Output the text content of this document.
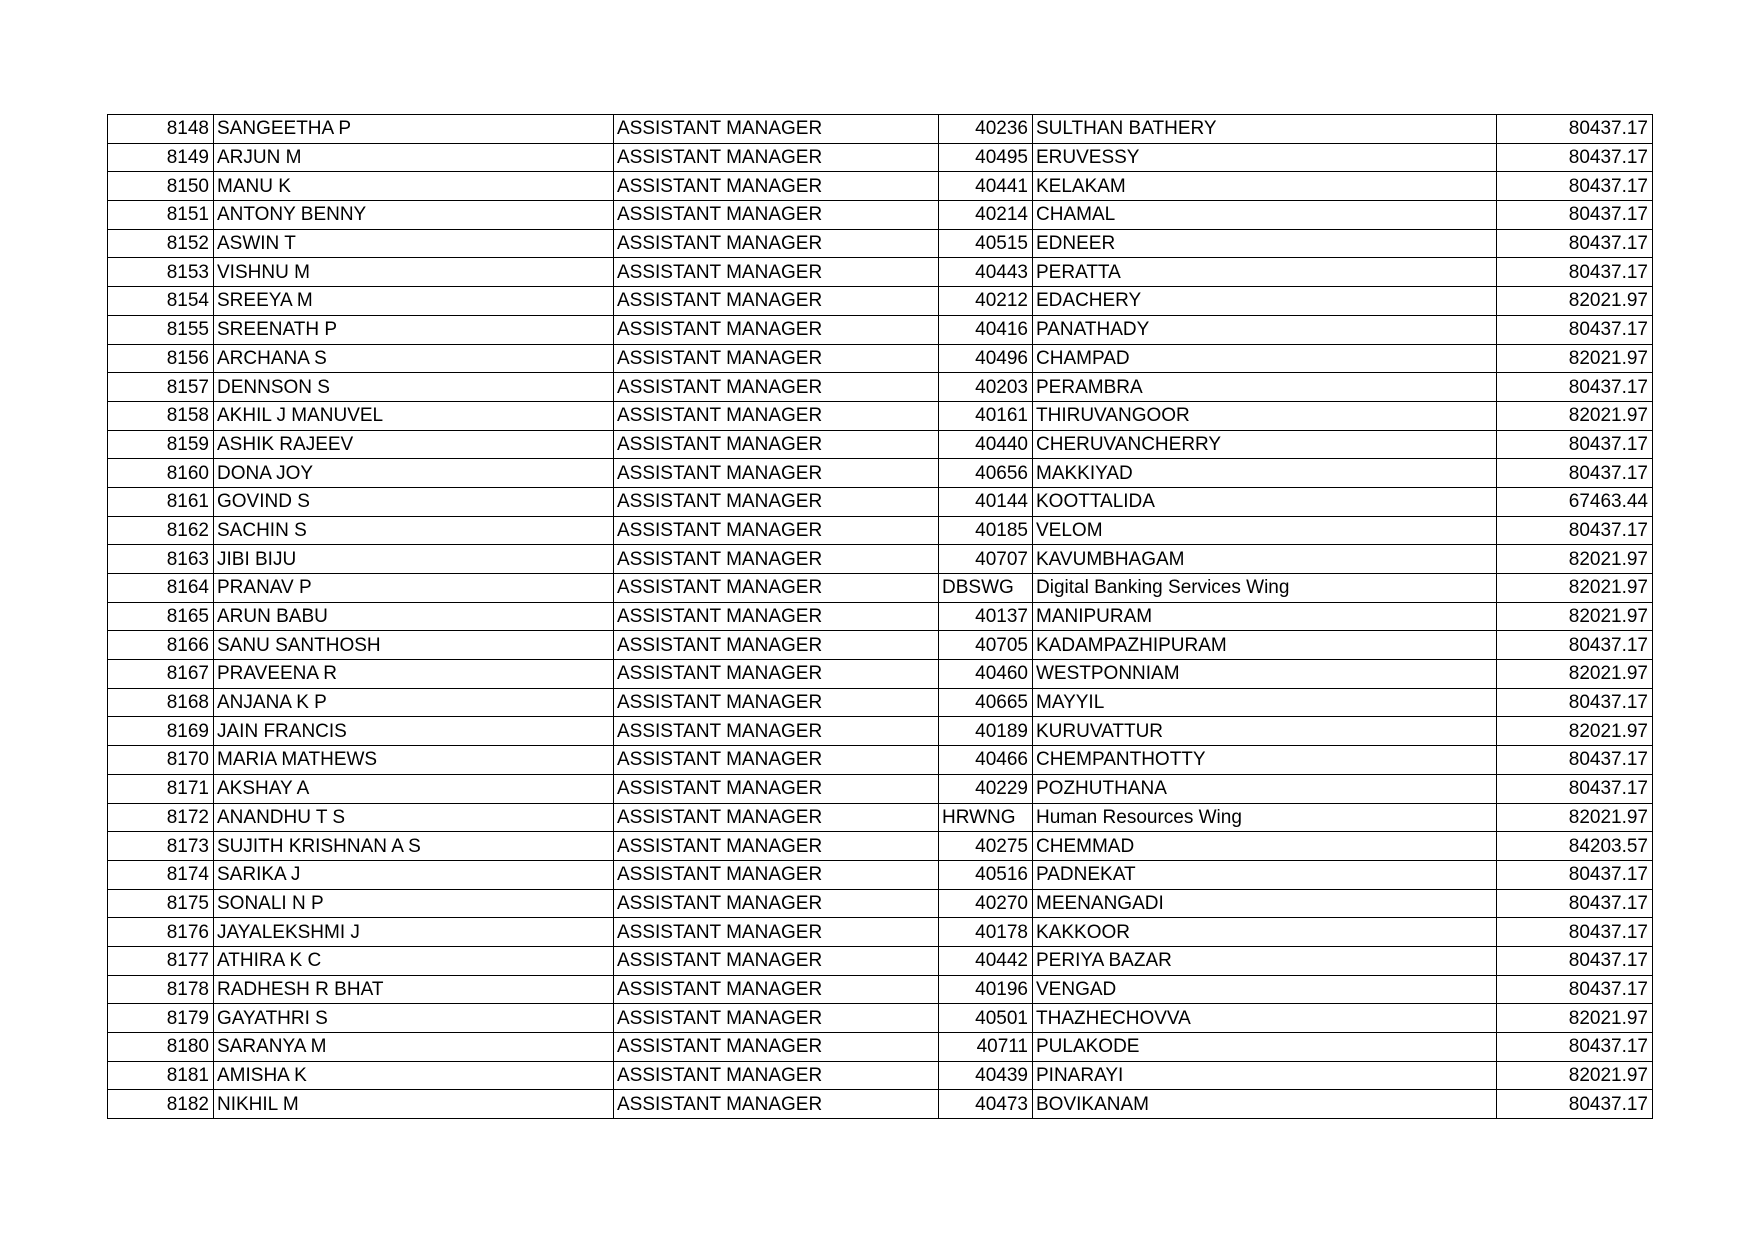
8148	SANGEETHA P	ASSISTANT MANAGER	40236	SULTHAN BATHERY	80437.17
8149	ARJUN M	ASSISTANT MANAGER	40495	ERUVESSY	80437.17
8150	MANU K	ASSISTANT MANAGER	40441	KELAKAM	80437.17
8151	ANTONY BENNY	ASSISTANT MANAGER	40214	CHAMAL	80437.17
8152	ASWIN T	ASSISTANT MANAGER	40515	EDNEER	80437.17
8153	VISHNU M	ASSISTANT MANAGER	40443	PERATTA	80437.17
8154	SREEYA M	ASSISTANT MANAGER	40212	EDACHERY	82021.97
8155	SREENATH P	ASSISTANT MANAGER	40416	PANATHADY	80437.17
8156	ARCHANA S	ASSISTANT MANAGER	40496	CHAMPAD	82021.97
8157	DENNSON S	ASSISTANT MANAGER	40203	PERAMBRA	80437.17
8158	AKHIL J MANUVEL	ASSISTANT MANAGER	40161	THIRUVANGOOR	82021.97
8159	ASHIK RAJEEV	ASSISTANT MANAGER	40440	CHERUVANCHERRY	80437.17
8160	DONA JOY	ASSISTANT MANAGER	40656	MAKKIYAD	80437.17
8161	GOVIND S	ASSISTANT MANAGER	40144	KOOTTALIDA	67463.44
8162	SACHIN S	ASSISTANT MANAGER	40185	VELOM	80437.17
8163	JIBI BIJU	ASSISTANT MANAGER	40707	KAVUMBHAGAM	82021.97
8164	PRANAV P	ASSISTANT MANAGER	DBSWG	Digital Banking Services Wing	82021.97
8165	ARUN BABU	ASSISTANT MANAGER	40137	MANIPURAM	82021.97
8166	SANU SANTHOSH	ASSISTANT MANAGER	40705	KADAMPAZHIPURAM	80437.17
8167	PRAVEENA R	ASSISTANT MANAGER	40460	WESTPONNIAM	82021.97
8168	ANJANA K P	ASSISTANT MANAGER	40665	MAYYIL	80437.17
8169	JAIN FRANCIS	ASSISTANT MANAGER	40189	KURUVATTUR	82021.97
8170	MARIA MATHEWS	ASSISTANT MANAGER	40466	CHEMPANTHOTTY	80437.17
8171	AKSHAY A	ASSISTANT MANAGER	40229	POZHUTHANA	80437.17
8172	ANANDHU T S	ASSISTANT MANAGER	HRWNG	Human Resources Wing	82021.97
8173	SUJITH KRISHNAN A S	ASSISTANT MANAGER	40275	CHEMMAD	84203.57
8174	SARIKA J	ASSISTANT MANAGER	40516	PADNEKAT	80437.17
8175	SONALI N P	ASSISTANT MANAGER	40270	MEENANGADI	80437.17
8176	JAYALEKSHMI J	ASSISTANT MANAGER	40178	KAKKOOR	80437.17
8177	ATHIRA K C	ASSISTANT MANAGER	40442	PERIYA BAZAR	80437.17
8178	RADHESH R BHAT	ASSISTANT MANAGER	40196	VENGAD	80437.17
8179	GAYATHRI S	ASSISTANT MANAGER	40501	THAZHECHOVVA	82021.97
8180	SARANYA M	ASSISTANT MANAGER	40711	PULAKODE	80437.17
8181	AMISHA K	ASSISTANT MANAGER	40439	PINARAYI	82021.97
8182	NIKHIL M	ASSISTANT MANAGER	40473	BOVIKANAM	80437.17
